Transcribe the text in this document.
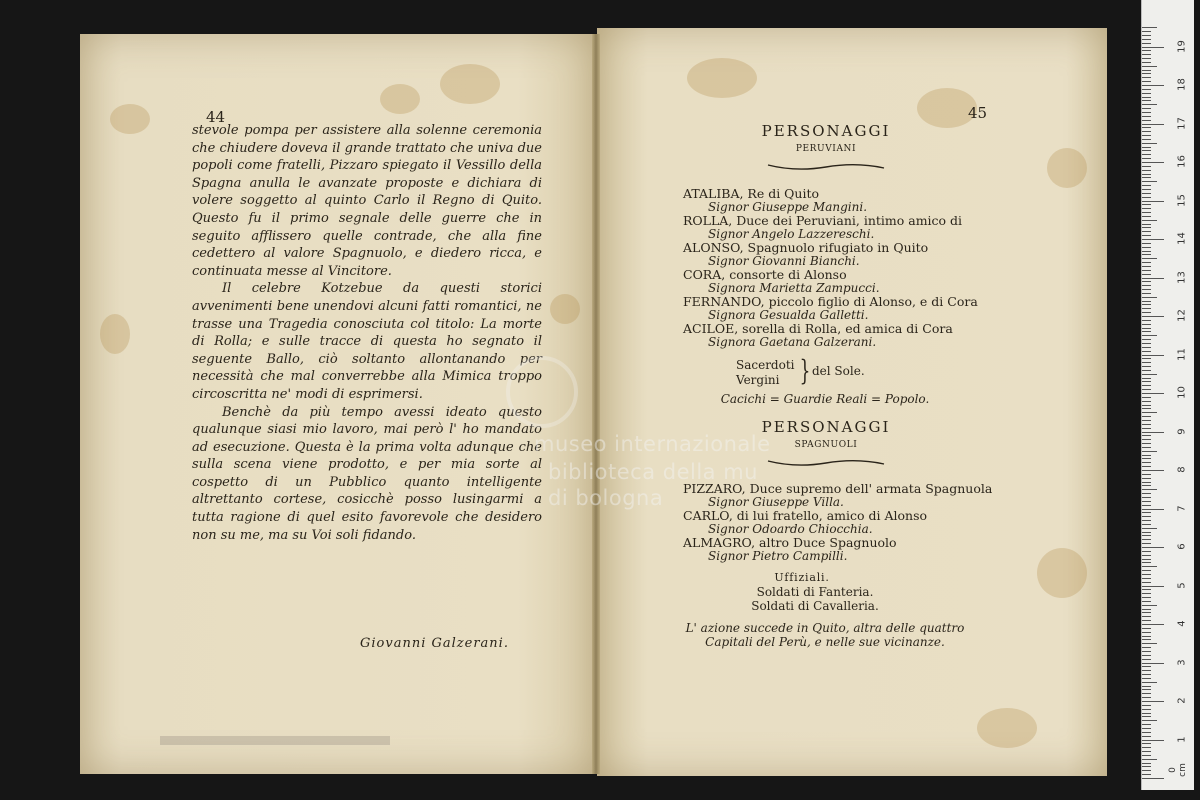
44

stevole pompa per assistere alla solenne ceremonia che chiudere doveva il grande trattato che univa due popoli come fratelli, Pizzaro spiegato il Vessillo della Spagna anulla le avanzate proposte e dichiara di volere soggetto al quinto Carlo il Regno di Quito. Questo fu il primo segnale delle guerre che in seguito afflissero quelle contrade, che alla fine cedettero al valore Spagnuolo, e diedero ricca, e continuata messe al Vincitore.

Il celebre Kotzebue da questi storici avvenimenti bene unendovi alcuni fatti romantici, ne trasse una Tragedia conosciuta col titolo: La morte di Rolla; e sulle tracce di questa ho segnato il seguente Ballo, ciò soltanto allontanando per necessità che mal converrebbe alla Mimica troppo circoscritta ne' modi di esprimersi.

Benchè da più tempo avessi ideato questo qualunque siasi mio lavoro, mai però l' ho mandato ad esecuzione. Questa è la prima volta adunque che sulla scena viene prodotto, e per mia sorte al cospetto di un Pubblico quanto intelligente altrettanto cortese, cosicchè posso lusingarmi a tutta ragione di quel esito favorevole che desidero non su me, ma su Voi soli fidando.

Giovanni Galzerani.
45
PERSONAGGI
PERUVIANI
ATALIBA, Re di Quito
Signor Giuseppe Mangini.
ROLLA, Duce dei Peruviani, intimo amico di
Signor Angelo Lazzereschi.
ALONSO, Spagnuolo rifugiato in Quito
Signor Giovanni Bianchi.
CORA, consorte di Alonso
Signora Marietta Zampucci.
FERNANDO, piccolo figlio di Alonso, e di Cora
Signora Gesualda Galletti.
ACILOE, sorella di Rolla, ed amica di Cora
Signora Gaetana Galzerani.
Sacerdoti
Vergini } del Sole.
Cacichi = Guardie Reali = Popolo.
PERSONAGGI
SPAGNUOLI
PIZZARO, Duce supremo dell' armata Spagnuola
Signor Giuseppe Villa.
CARLO, di lui fratello, amico di Alonso
Signor Odoardo Chiocchia.
ALMAGRO, altro Duce Spagnuolo
Signor Pietro Campilli.
Uffiziali.
Soldati di Fanteria.
Soldati di Cavalleria.
L' azione succede in Quito, altra delle quattro
Capitali del Perù, e nelle sue vicinanze.
museo internazionale
biblioteca della mu
di bologna
0 cm
1
2
3
4
5
6
7
8
9
10
11
12
13
14
15
16
17
18
19
